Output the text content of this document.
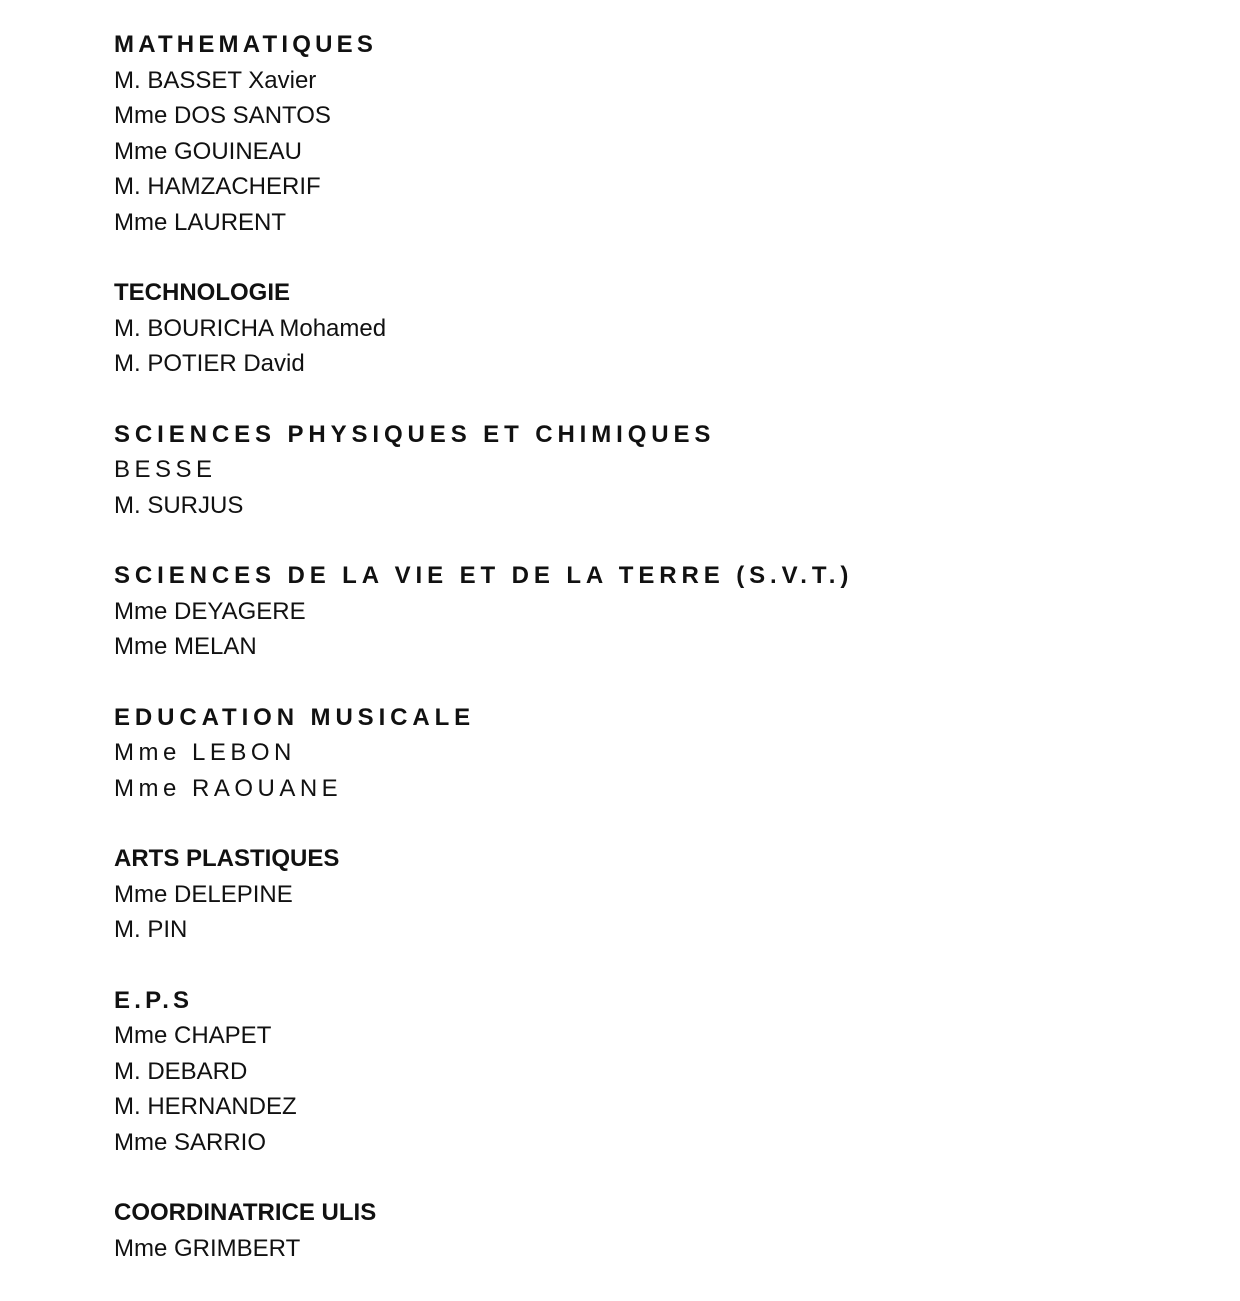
MATHEMATIQUES
M. BASSET Xavier
Mme DOS SANTOS
Mme GOUINEAU
M. HAMZACHERIF
Mme LAURENT
TECHNOLOGIE
M. BOURICHA Mohamed
M. POTIER David
SCIENCES PHYSIQUES ET CHIMIQUES
BESSE
M. SURJUS
SCIENCES DE LA VIE ET DE LA TERRE (S.V.T.)
Mme DEYAGERE
Mme MELAN
EDUCATION MUSICALE
Mme LEBON
Mme RAOUANE
ARTS PLASTIQUES
Mme DELEPINE
M. PIN
E.P.S
Mme CHAPET
M. DEBARD
M. HERNANDEZ
Mme SARRIO
COORDINATRICE ULIS
Mme GRIMBERT
